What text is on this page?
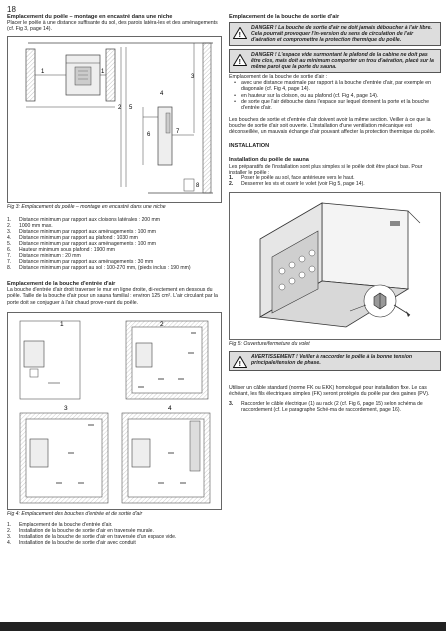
18

Emplacement du poêle – montage en encastré dans une niche

Placer le poêle à une distance suffisante du sol, des parois latéra-les et des aménagements (cf. Fig 3, page 14).

1	1
2
3
4
5
6	7
8

Fig 3: Emplacement du poêle – montage en encastré dans une niche

1.	Distance minimum par rapport aux cloisons latérales : 200 mm
2.	1000 mm max.
3.	Distance minimum par rapport aux aménagements : 100 mm
4.	Distance minimum par rapport au plafond : 1030 mm
5.	Distance minimum par rapport aux aménagements : 100 mm
6.	Hauteur minimum sous plafond : 1900 mm
7.	Distance minimum : 20 mm
7.	Distance minimum par rapport aux aménagements : 30 mm
8.	Distance minimum par rapport au sol : 100-270 mm, (pieds inclus : 190 mm)

Emplacement de la bouche d'entrée d'air

La bouche d'entrée d'air droit traverser le mur en ligne droite, di-rectement en dessous du poêle. Taille de la bouche d'air pour un sauna familial : environ 125 cm². L'air circulant par la porte doit se conjuguer à l'air chaud prove-nant du poêle.

1	2
3	4

Fig 4: Emplacement des bouches d'entrée et de sortie d'air

1.	Emplacement de la bouche d'entrée d'air.
2.	Installation de la bouche de sortie d'air en traversée murale.
3.	Installation de la bouche de sortie d'air en traversée d'un espace vide.
4.	Installation de la bouche de sortie d'air avec conduit

Emplacement de la bouche de sortie d'air

!
DANGER ! La bouche de sortie d'air ne doit jamais déboucher à l'air libre. Cela pourrait provoquer l'in-version du sens de circulation de l'air d'aération et compromettre la protection thermique du poêle.
!
DANGER ! L'espace vide surmontant le plafond de la cabine ne doit pas être clos, mais doit au minimum comporter un trou d'aération, placé sur la même paroi que la porte du sauna.

Emplacement de la bouche de sortie d'air :

• avec une distance maximale par rapport à la bouche d'entrée d'air, par exemple en diagonale (cf. Fig 4, page 14).
• en hauteur sur la cloison, ou au plafond (cf. Fig 4, page 14).
• de sorte que l'air débouche dans l'espace sur lequel donnent la porte et la bouche d'entrée d'air.

Les bouches de sortie et d'entrée d'air doivent avoir la même section. Veiller à ce que la bouche de sortie d'air soit ouverte. L'installation d'une ventilation mécanique est déconseillée, un mauvais échange d'air pouvant affecter la protection thermique du poêle.

INSTALLATION

Installation du poêle de sauna

Les préparatifs de l'installation sont plus simples si le poêle doit être placé bas. Pour installer le poêle :

1.	Poser le poêle au sol, face antérieure vers le haut.
2.	Desserrer les vis et ouvrir le volet (voir Fig 5, page 14).

Fig 5: Ouverture/fermeture du volet

!
AVERTISSEMENT ! Veiller à raccorder le poêle à la bonne tension principale/tension de phase.

Utiliser un câble standard (norme FK ou EKK) homologué pour installation fixe. Le cas échéant, les fils électriques simples (FK) seront protégés du poêle par des gaines (PV).

3.	Raccorder le câble électrique (1) au rack (2 (cf. Fig 6, page 15) selon schéma de raccordement (cf. Le paragraphe Sché-ma de raccordement, page 16).
